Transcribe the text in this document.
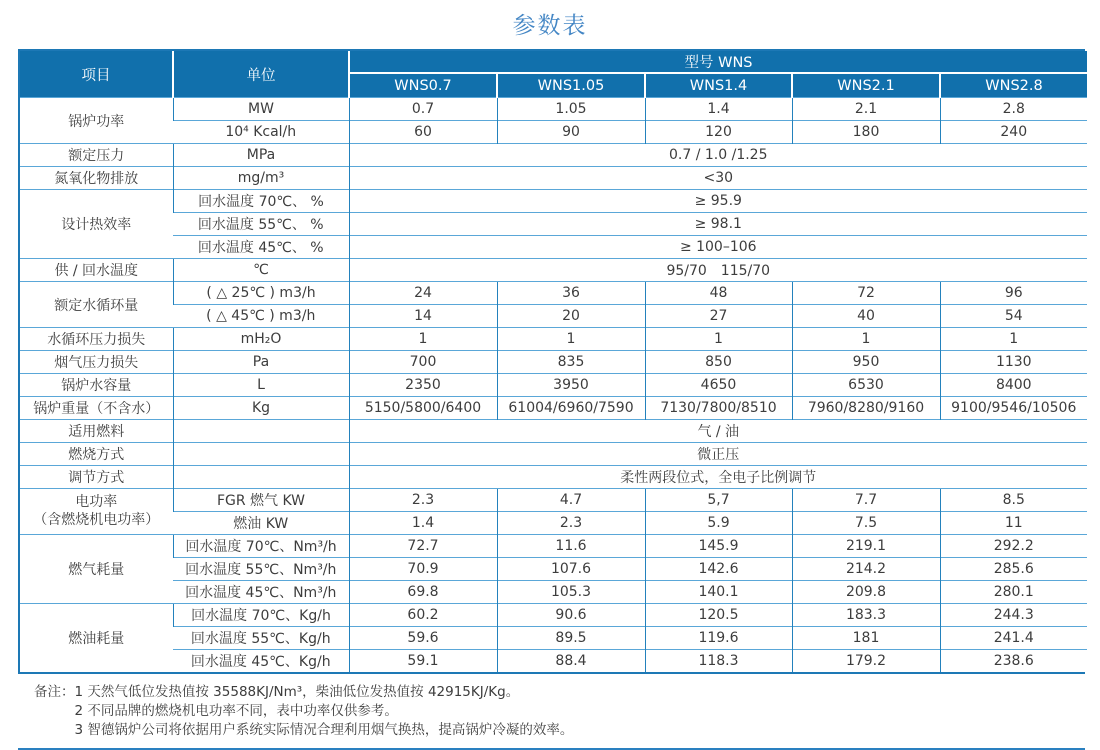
参数表
项目	单位	型号 WNS				
		WNS0.7	WNS1.05	WNS1.4	WNS2.1	WNS2.8
锅炉功率	MW	0.7	1.05	1.4	2.1	2.8
	10⁴ Kcal/h	60	90	120	180	240
额定压力	MPa	0.7 / 1.0 /1.25				
氮氧化物排放	mg/m³	<30				
设计热效率	回水温度 70℃、 %	≥ 95.9				
	回水温度 55℃、 %	≥ 98.1				
	回水温度 45℃、 %	≥ 100–106				
供 / 回水温度	℃	95/70　115/70				
额定水循环量	( △ 25℃ ) m3/h	24	36	48	72	96
	( △ 45℃ ) m3/h	14	20	27	40	54
水循环压力损失	mH₂O	1	1	1	1	1
烟气压力损失	Pa	700	835	850	950	1130
锅炉水容量	L	2350	3950	4650	6530	8400
锅炉重量（不含水）	Kg	5150/5800/6400	61004/6960/7590	7130/7800/8510	7960/8280/9160	9100/9546/10506
适用燃料		气 / 油				
燃烧方式		微正压				
调节方式		柔性两段位式，全电子比例调节				

电功率
（含燃烧机电功率）	FGR 燃气 KW	2.3	4.7	5,7	7.7	8.5
	燃油 KW	1.4	2.3	5.9	7.5	11
燃气耗量	回水温度 70℃、Nm³/h	72.7	11.6	145.9	219.1	292.2
	回水温度 55℃、Nm³/h	70.9	107.6	142.6	214.2	285.6
	回水温度 45℃、Nm³/h	69.8	105.3	140.1	209.8	280.1
燃油耗量	回水温度 70℃、Kg/h	60.2	90.6	120.5	183.3	244.3
	回水温度 55℃、Kg/h	59.6	89.5	119.6	181	241.4
	回水温度 45℃、Kg/h	59.1	88.4	118.3	179.2	238.6
备注： 1 天然气低位发热值按 35588KJ/Nm³，柴油低位发热值按 42915KJ/Kg。
2 不同品牌的燃烧机电功率不同，表中功率仅供参考。
3 智德锅炉公司将依据用户系统实际情况合理利用烟气换热，提高锅炉冷凝的效率。
